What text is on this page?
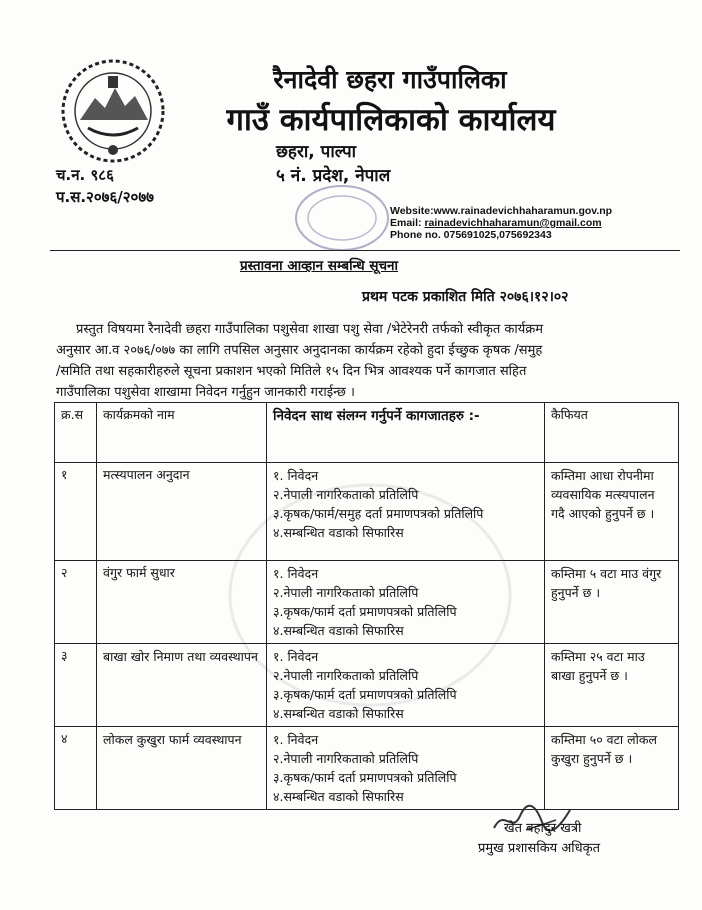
रैनादेवी छहरा गाउँपालिका
गाउँ कार्यपालिकाको कार्यालय
छहरा, पाल्पा
५ नं. प्रदेश, नेपाल
च.न. ९८६
प.स.२०७६/२०७७
Website:www.rainadevichhaharamun.gov.np
Email: rainadevichhaharamun@gmail.com
Phone no. 075691025,075692343
प्रस्तावना आव्हान सम्बन्धि सूचना
प्रथम पटक प्रकाशित मिति २०७६।१२।०२
प्रस्तुत विषयमा रैनादेवी छहरा गाउँपालिका पशुसेवा शाखा पशु सेवा /भेटेरेनरी तर्फको स्वीकृत कार्यक्रम
अनुसार आ.व २०७६/०७७ का लागि तपसिल अनुसार अनुदानका कार्यक्रम रहेको हुदा ईच्छुक कृषक /समुह
/समिति तथा सहकारीहरुले सूचना प्रकाशन भएको मितिले १५ दिन भित्र आवश्यक पर्ने कागजात सहित
गाउँपालिका पशुसेवा शाखामा निवेदन गर्नुहुन जानकारी गराईन्छ ।
क्र.स	कार्यक्रमको नाम	निवेदन साथ संलग्न गर्नुपर्ने कागजातहरु :-	कैफियत
१	मत्स्यपालन अनुदान	१. निवेदन
२.नेपाली नागरिकताको प्रतिलिपि
३.कृषक/फार्म/समुह दर्ता प्रमाणपत्रको प्रतिलिपि
४.सम्बन्धित वडाको सिफारिस	कम्तिमा आधा रोपनीमा व्यवसायिक मत्स्यपालन गदै आएको हुनुपर्ने छ ।
२	वंगुर फार्म सुधार	१. निवेदन
२.नेपाली नागरिकताको प्रतिलिपि
३.कृषक/फार्म दर्ता प्रमाणपत्रको प्रतिलिपि
४.सम्बन्धित वडाको सिफारिस	कम्तिमा ५ वटा माउ वंगुर हुनुपर्ने छ ।
३	बाखा खोर निमाण तथा व्यवस्थापन	१. निवेदन
२.नेपाली नागरिकताको प्रतिलिपि
३.कृषक/फार्म दर्ता प्रमाणपत्रको प्रतिलिपि
४.सम्बन्धित वडाको सिफारिस	कम्तिमा २५ वटा माउ बाखा हुनुपर्ने छ ।
४	लोकल कुखुरा फार्म व्यवस्थापन	१. निवेदन
२.नेपाली नागरिकताको प्रतिलिपि
३.कृषक/फार्म दर्ता प्रमाणपत्रको प्रतिलिपि
४.सम्बन्धित वडाको सिफारिस	कम्तिमा ५० वटा लोकल कुखुरा हुनुपर्ने छ ।
खेत बहादुर खत्री
प्रमुख प्रशासकिय अधिकृत
